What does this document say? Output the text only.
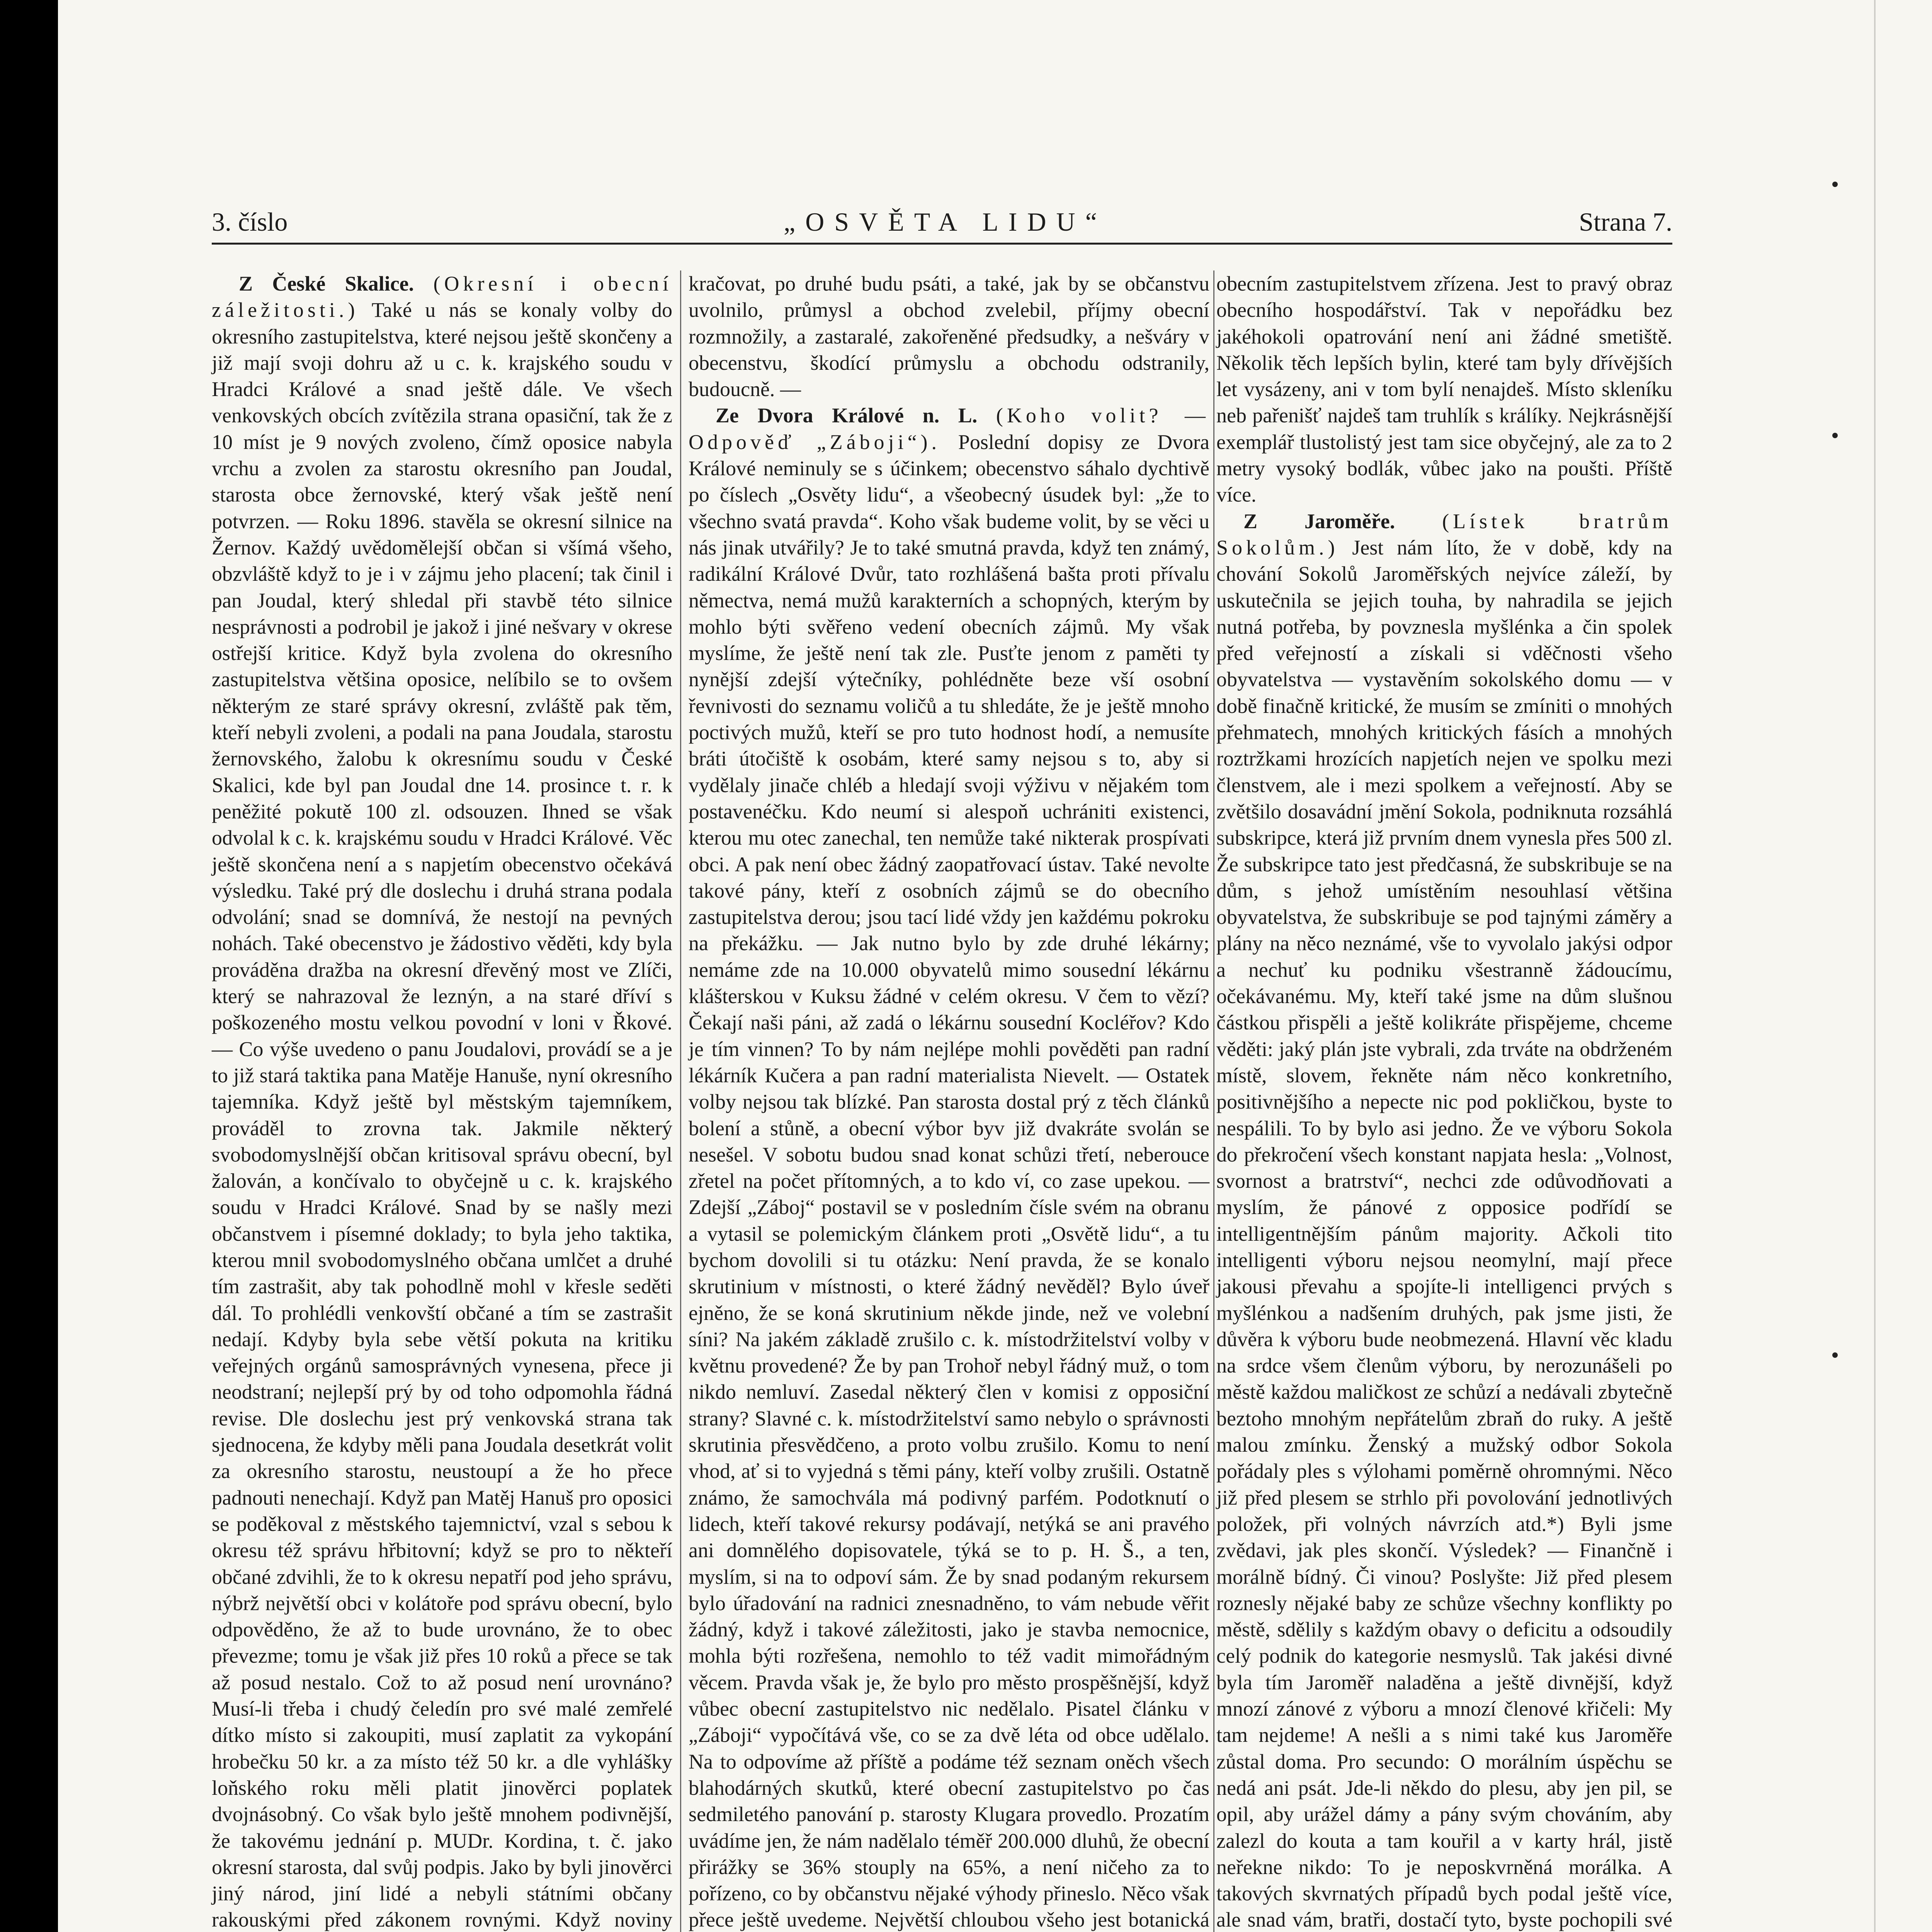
3. číslo	„OSVĚTA LIDU“	Strana 7.

Z České Skalice. (Okresní i obecní záležitosti.) Také u nás se konaly volby do okresního zastupitelstva, které nejsou ještě skončeny a již mají svoji dohru až u c. k. krajského soudu v Hradci Králové a snad ještě dále. Ve všech venkovských obcích zvítězila strana opasiční, tak že z 10 míst je 9 nových zvoleno, čímž oposice nabyla vrchu a zvolen za starostu okresního pan Joudal, starosta obce žernovské, který však ještě není potvrzen. — Roku 1896. stavěla se okresní silnice na Žernov. Každý uvědomělejší občan si všímá všeho, obzvláště když to je i v zájmu jeho placení; tak činil i pan Joudal, který shledal při stavbě této silnice nesprávnosti a podrobil je jakož i jiné nešvary v okrese ostřejší kritice. Když byla zvolena do okresního zastupitelstva většina oposice, nelíbilo se to ovšem některým ze staré správy okresní, zvláště pak těm, kteří nebyli zvoleni, a podali na pana Joudala, starostu žernovského, žalobu k okresnímu soudu v České Skalici, kde byl pan Joudal dne 14. prosince t. r. k peněžité pokutě 100 zl. odsouzen. Ihned se však odvolal k c. k. krajskému soudu v Hradci Králové. Věc ještě skončena není a s napjetím obecenstvo očekává výsledku. Také prý dle doslechu i druhá strana podala odvolání; snad se domnívá, že nestojí na pevných nohách. Také obecenstvo je žádostivo věděti, kdy byla prováděna dražba na okresní dřevěný most ve Zlíči, který se nahrazoval že leznýn, a na staré dříví s poškozeného mostu velkou povodní v loni v Řkové. — Co výše uvedeno o panu Joudalovi, provádí se a je to již stará taktika pana Matěje Hanuše, nyní okresního tajemníka. Když ještě byl městským tajemníkem, prováděl to zrovna tak. Jakmile některý svobodomyslnější občan kritisoval správu obecní, byl žalován, a končívalo to obyčejně u c. k. krajského soudu v Hradci Králové. Snad by se našly mezi občanstvem i písemné doklady; to byla jeho taktika, kterou mnil svobodomyslného občana umlčet a druhé tím zastrašit, aby tak pohodlně mohl v křesle seděti dál. To prohlédli venkovští občané a tím se zastrašit nedají. Kdyby byla sebe větší pokuta na kritiku veřejných orgánů samosprávných vynesena, přece ji neodstraní; nejlepší prý by od toho odpomohla řádná revise. Dle doslechu jest prý venkovská strana tak sjednocena, že kdyby měli pana Joudala desetkrát volit za okresního starostu, neustoupí a že ho přece padnouti nenechají. Když pan Matěj Hanuš pro oposici se poděkoval z městského tajemnictví, vzal s sebou k okresu též správu hřbitovní; když se pro to někteří občané zdvihli, že to k okresu nepatří pod jeho správu, nýbrž největší obci v kolátoře pod správu obecní, bylo odpověděno, že až to bude urovnáno, že to obec převezme; tomu je však již přes 10 roků a přece se tak až posud nestalo. Což to až posud není urovnáno? Musí-li třeba i chudý čeledín pro své malé zemřelé dítko místo si zakoupiti, musí zaplatit za vykopání hrobečku 50 kr. a za místo též 50 kr. a dle vyhlášky loňského roku měli platit jinověrci poplatek dvojnásobný. Co však bylo ještě mnohem podivnější, že takovému jednání p. MUDr. Kordina, t. č. jako okresní starosta, dal svůj podpis. Jako by byli jinověrci jiný národ, jiní lidé a nebyli státními občany rakouskými před zákonem rovnými. Když noviny

kračovat, po druhé budu psáti, a také, jak by se občanstvu uvolnilo, průmysl a obchod zvelebil, příjmy obecní rozmnožily, a zastaralé, zakořeněné předsudky, a nešváry v obecenstvu, škodící průmyslu a obchodu odstranily, budoucně. —

Ze Dvora Králové n. L. (Koho volit? — Odpověď „Záboji“). Poslední dopisy ze Dvora Králové neminuly se s účinkem; obecenstvo sáhalo dychtivě po číslech „Osvěty lidu“, a všeobecný úsudek byl: „že to všechno svatá pravda“. Koho však budeme volit, by se věci u nás jinak utvářily? Je to také smutná pravda, když ten známý, radikální Králové Dvůr, tato rozhlášená bašta proti přívalu němectva, nemá mužů karakterních a schopných, kterým by mohlo býti svěřeno vedení obecních zájmů. My však myslíme, že ještě není tak zle. Pusťte jenom z paměti ty nynější zdejší výtečníky, pohlédněte beze vší osobní řevnivosti do seznamu voličů a tu shledáte, že je ještě mnoho poctivých mužů, kteří se pro tuto hodnost hodí, a nemusíte bráti útočiště k osobám, které samy nejsou s to, aby si vydělaly jinače chléb a hledají svoji výživu v nějakém tom postavenéčku. Kdo neumí si alespoň uchrániti existenci, kterou mu otec zanechal, ten nemůže také nikterak prospívati obci. A pak není obec žádný zaopatřovací ústav. Také nevolte takové pány, kteří z osobních zájmů se do obecního zastupitelstva derou; jsou tací lidé vždy jen každému pokroku na překážku. — Jak nutno bylo by zde druhé lékárny; nemáme zde na 10.000 obyvatelů mimo sousední lékárnu klášterskou v Kuksu žádné v celém okresu. V čem to vězí? Čekají naši páni, až zadá o lékárnu sousední Kocléřov? Kdo je tím vinnen? To by nám nejlépe mohli pověděti pan radní lékárník Kučera a pan radní materialista Nievelt. — Ostatek volby nejsou tak blízké. Pan starosta dostal prý z těch článků bolení a stůně, a obecní výbor byv již dvakráte svolán se nesešel. V sobotu budou snad konat schůzi třetí, neberouce zřetel na počet přítomných, a to kdo ví, co zase upekou. — Zdejší „Záboj“ postavil se v posledním čísle svém na obranu a vytasil se polemickým článkem proti „Osvětě lidu“, a tu bychom dovolili si tu otázku: Není pravda, že se konalo skrutinium v místnosti, o které žádný nevěděl? Bylo úveř ejněno, že se koná skrutinium někde jinde, než ve volební síni? Na jakém základě zrušilo c. k. místodržitelství volby v květnu provedené? Že by pan Trohoř nebyl řádný muž, o tom nikdo nemluví. Zasedal některý člen v komisi z opposiční strany? Slavné c. k. místodržitelství samo nebylo o správnosti skrutinia přesvědčeno, a proto volbu zrušilo. Komu to není vhod, ať si to vyjedná s těmi pány, kteří volby zrušili. Ostatně známo, že samochvála má podivný parfém. Podotknutí o lidech, kteří takové rekursy podávají, netýká se ani pravého ani domnělého dopisovatele, týká se to p. H. Š., a ten, myslím, si na to odpoví sám. Že by snad podaným rekursem bylo úřadování na radnici znesnadněno, to vám nebude věřit žádný, když i takové záležitosti, jako je stavba nemocnice, mohla býti rozřešena, nemohlo to též vadit mimořádným věcem. Pravda však je, že bylo pro město prospěšnější, když vůbec obecní zastupitelstvo nic nedělalo. Pisatel článku v „Záboji“ vypočítává vše, co se za dvě léta od obce udělalo. Na to odpovíme až příště a podáme též seznam oněch všech blahodárných skutků, které obecní zastupitelstvo po čas sedmiletého panování p. starosty Klugara provedlo. Prozatím uvádíme jen, že nám nadělalo téměř 200.000 dluhů, že obecní přirážky se 36% stouply na 65%, a není ničeho za to pořízeno, co by občanstvu nějaké výhody přineslo. Něco však přece ještě uvedeme. Největší chloubou všeho jest botanická

obecním zastupitelstvem zřízena. Jest to pravý obraz obecního hospodářství. Tak v nepořádku bez jakéhokoli opatrování není ani žádné smetiště. Několik těch lepších bylin, které tam byly dřívějších let vysázeny, ani v tom bylí nenajdeš. Místo skleníku neb pařenišť najdeš tam truhlík s králíky. Nejkrásnější exemplář tlustolistý jest tam sice obyčejný, ale za to 2 metry vysoký bodlák, vůbec jako na poušti. Příště více.

Z Jaroměře. (Lístek bratrům Sokolům.) Jest nám líto, že v době, kdy na chování Sokolů Jaroměřských nejvíce záleží, by uskutečnila se jejich touha, by nahradila se jejich nutná potřeba, by povznesla myšlénka a čin spolek před veřejností a získali si vděčnosti všeho obyvatelstva — vystavěním sokolského domu — v době finačně kritické, že musím se zmíniti o mnohých přehmatech, mnohých kritických fásích a mnohých roztržkami hrozících napjetích nejen ve spolku mezi členstvem, ale i mezi spolkem a veřejností. Aby se zvětšilo dosavádní jmění Sokola, podniknuta rozsáhlá subskripce, která již prvním dnem vynesla přes 500 zl. Že subskripce tato jest předčasná, že subskribuje se na dům, s jehož umístěním nesouhlasí většina obyvatelstva, že subskribuje se pod tajnými záměry a plány na něco neznámé, vše to vyvolalo jakýsi odpor a nechuť ku podniku všestranně žádoucímu, očekávanému. My, kteří také jsme na dům slušnou částkou přispěli a ještě kolikráte přispějeme, chceme věděti: jaký plán jste vybrali, zda trváte na obdrženém místě, slovem, řekněte nám něco konkretního, positivnějšího a nepecte nic pod pokličkou, byste to nespálili. To by bylo asi jedno. Že ve výboru Sokola do překročení všech konstant napjata hesla: „Volnost, svornost a bratrství“, nechci zde odůvodňovati a myslím, že pánové z opposice podřídí se intelligentnějším pánům majority. Ačkoli tito intelligenti výboru nejsou neomylní, mají přece jakousi převahu a spojíte-li intelligenci prvých s myšlénkou a nadšením druhých, pak jsme jisti, že důvěra k výboru bude neobmezená. Hlavní věc kladu na srdce všem členům výboru, by nerozunášeli po městě každou maličkost ze schůzí a nedávali zbytečně beztoho mnohým nepřátelům zbraň do ruky. A ještě malou zmínku. Ženský a mužský odbor Sokola pořádaly ples s výlohami poměrně ohromnými. Něco již před plesem se strhlo při povolování jednotlivých položek, při volných návrzích atd.*) Byli jsme zvědavi, jak ples skončí. Výsledek? — Finančně i morálně bídný. Či vinou? Poslyšte: Již před plesem roznesly nějaké baby ze schůze všechny konflikty po městě, sdělily s každým obavy o deficitu a odsoudily celý podnik do kategorie nesmyslů. Tak jakési divné byla tím Jaroměř naladěna a ještě divnější, když mnozí zánové z výboru a mnozí členové křičeli: My tam nejdeme! A nešli a s nimi také kus Jaroměře zůstal doma. Pro secundo: O morálním úspěchu se nedá ani psát. Jde-li někdo do plesu, aby jen pil, se opil, aby urážel dámy a pány svým chováním, aby zalezl do kouta a tam kouřil a v karty hrál, jistě neřekne nikdo: To je neposkvrněná morálka. A takových skvrnatých případů bych podal ještě více, ale snad vám, bratři, dostačí tyto, byste pochopili své
